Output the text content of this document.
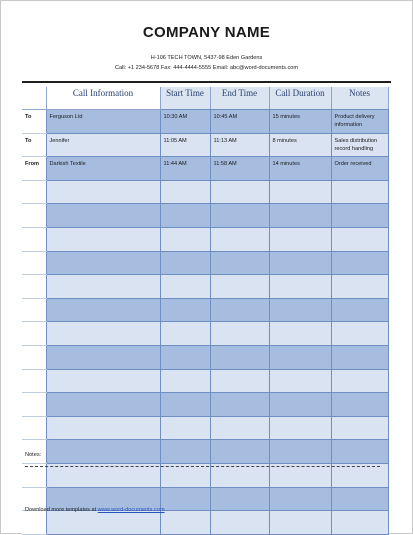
COMPANY NAME
H-106 TECH TOWN, 5437-98 Eden Gardens
Call: +1 234-5678 Fax: 444-4444-5555 Email: abc@word-documents.com
	Call Information	Start Time	End Time	Call Duration	Notes
To	Ferguson Ltd	10:30 AM	10:45 AM	15 minutes	Product delivery information
To	Jennifer	11:05 AM	11:13 AM	8 minutes	Sales distribution record handling
From	Darkish Textile	11:44 AM	11:58 AM	14 minutes	Order received

Notes:
Download more templates at www.word-documents.com
